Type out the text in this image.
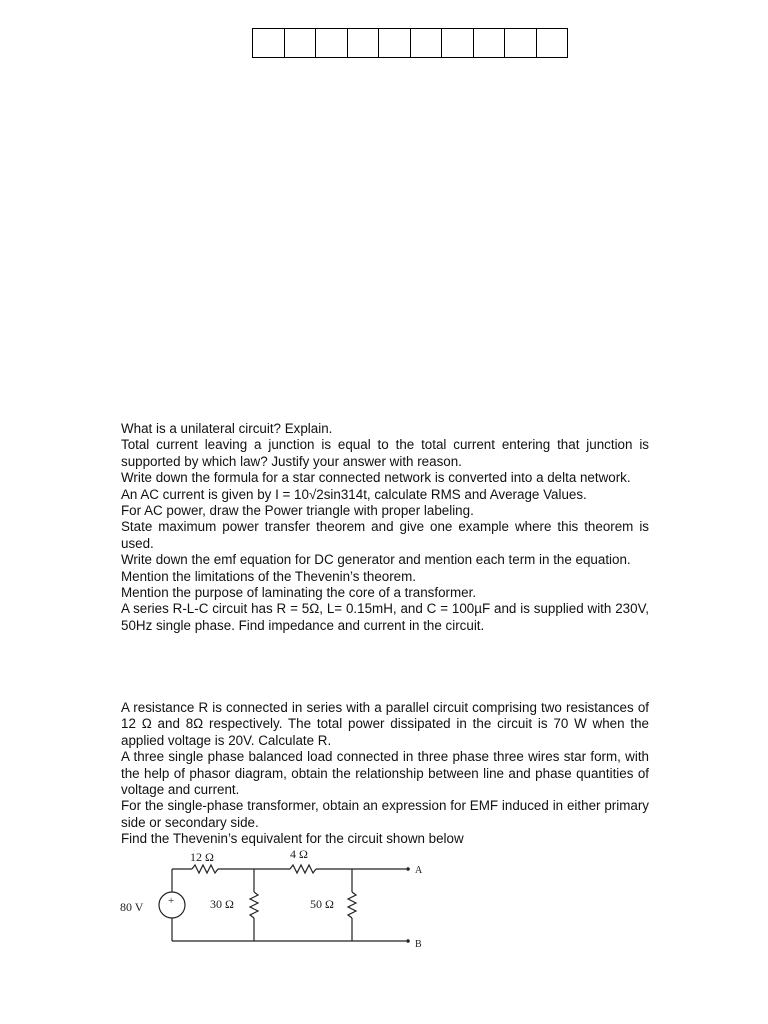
What is a unilateral circuit? Explain.

Total current leaving a junction is equal to the total current entering that junction is supported by which law? Justify your answer with reason.

Write down the formula for a star connected network is converted into a delta network.

An AC current is given by I = 10√2sin314t, calculate RMS and Average Values.

For AC power, draw the Power triangle with proper labeling.

State maximum power transfer theorem and give one example where this theorem is used.

Write down the emf equation for DC generator and mention each term in the equation.

Mention the limitations of the Thevenin’s theorem.

Mention the purpose of laminating the core of a transformer.

A series R-L-C circuit has R = 5Ω, L= 0.15mH, and C = 100µF and is supplied with 230V, 50Hz single phase. Find impedance and current in the circuit.

A resistance R is connected in series with a parallel circuit comprising two resistances of 12 Ω and 8Ω respectively. The total power dissipated in the circuit is 70 W when the applied voltage is 20V. Calculate R.

A three single phase balanced load connected in three phase three wires star form, with the help of phasor diagram, obtain the relationship between line and phase quantities of voltage and current.

For the single-phase transformer, obtain an expression for EMF induced in either primary side or secondary side.

Find the Thevenin’s equivalent for the circuit shown below

+
80 V
12 Ω	4 Ω
30 Ω	50 Ω
A
B
